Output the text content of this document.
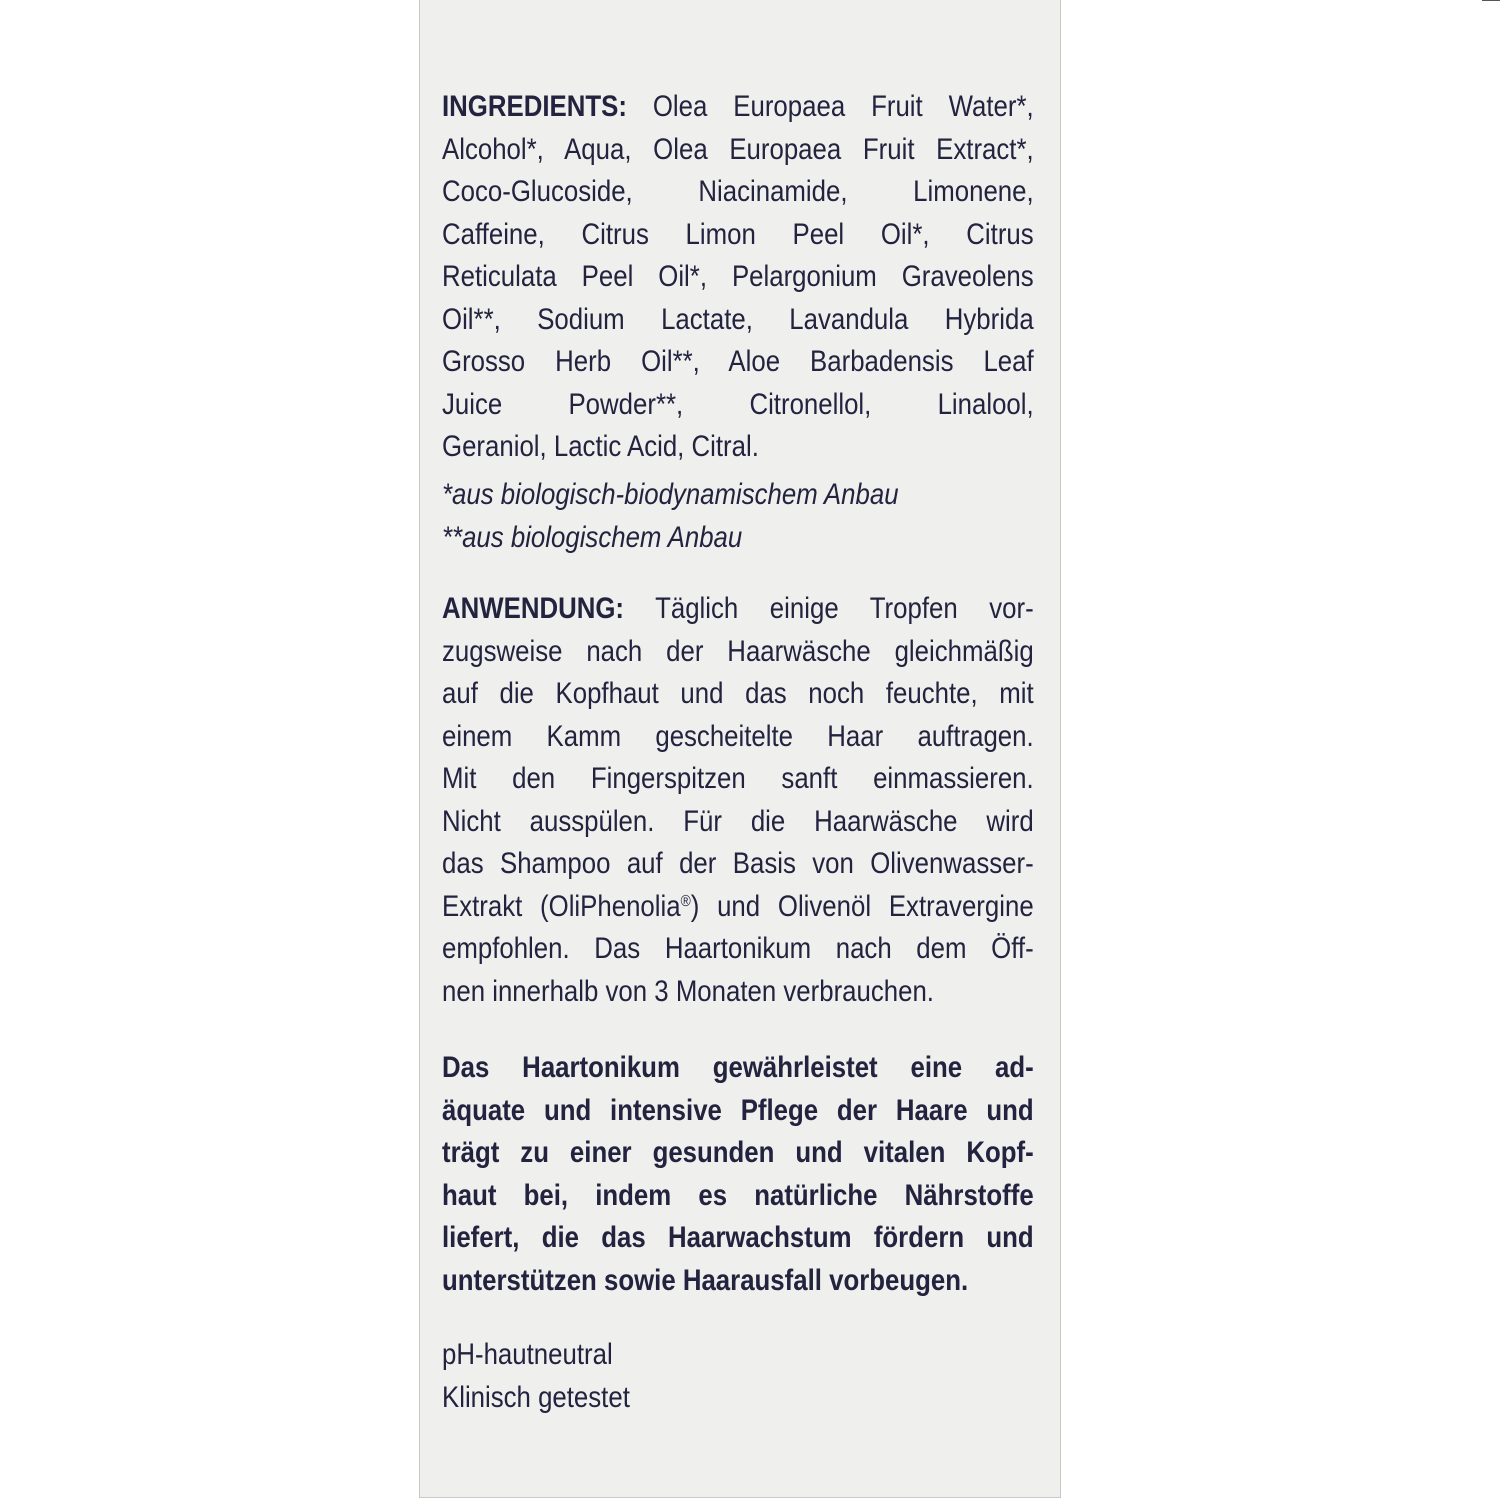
INGREDIENTS: Olea Europaea Fruit Water*,
Alcohol*, Aqua, Olea Europaea Fruit Extract*,
Coco-Glucoside, Niacinamide, Limonene,
Caffeine, Citrus Limon Peel Oil*, Citrus
Reticulata Peel Oil*, Pelargonium Graveolens
Oil**, Sodium Lactate, Lavandula Hybrida
Grosso Herb Oil**, Aloe Barbadensis Leaf
Juice Powder**, Citronellol, Linalool,
Geraniol, Lactic Acid, Citral.
*aus biologisch-biodynamischem Anbau
**aus biologischem Anbau
ANWENDUNG: Täglich einige Tropfen vor-
zugsweise nach der Haarwäsche gleichmäßig
auf die Kopfhaut und das noch feuchte, mit
einem Kamm gescheitelte Haar auftragen.
Mit den Fingerspitzen sanft einmassieren.
Nicht ausspülen. Für die Haarwäsche wird
das Shampoo auf der Basis von Olivenwasser-
Extrakt (OliPhenolia®) und Olivenöl Extravergine
empfohlen. Das Haartonikum nach dem Öff-
nen innerhalb von 3 Monaten verbrauchen.
Das Haartonikum gewährleistet eine ad-
äquate und intensive Pflege der Haare und
trägt zu einer gesunden und vitalen Kopf-
haut bei, indem es natürliche Nährstoffe
liefert, die das Haarwachstum fördern und
unterstützen sowie Haarausfall vorbeugen.
pH-hautneutral
Klinisch getestet
